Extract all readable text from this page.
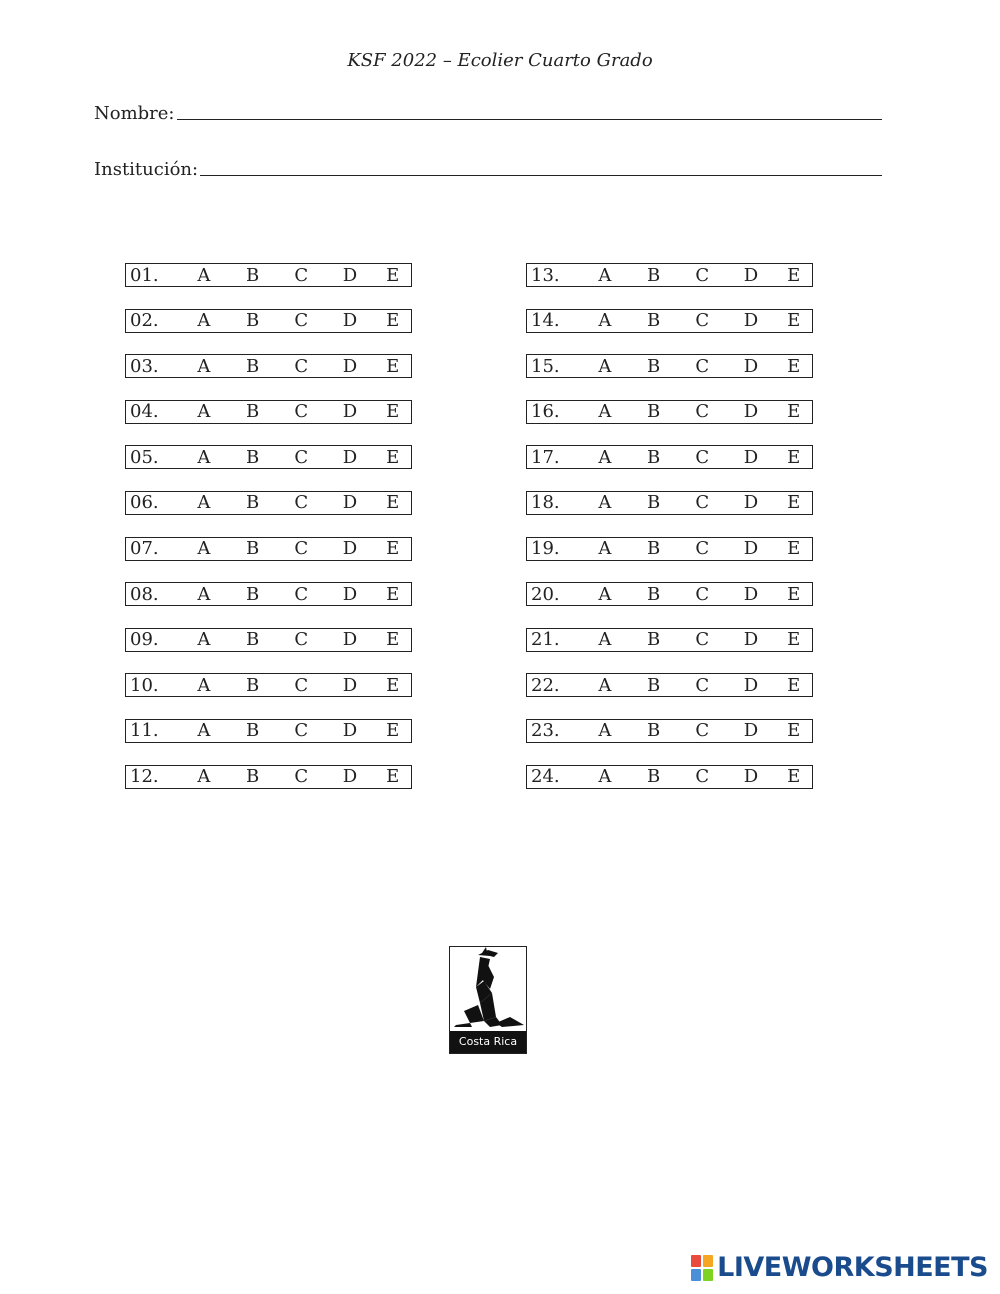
KSF 2022 – Ecolier Cuarto Grado
Nombre:
Institución:
01.	A	B	C	D	E
02.	A	B	C	D	E
03.	A	B	C	D	E
04.	A	B	C	D	E
05.	A	B	C	D	E
06.	A	B	C	D	E
07.	A	B	C	D	E
08.	A	B	C	D	E
09.	A	B	C	D	E
10.	A	B	C	D	E
11.	A	B	C	D	E
12.	A	B	C	D	E
13.	A	B	C	D	E
14.	A	B	C	D	E
15.	A	B	C	D	E
16.	A	B	C	D	E
17.	A	B	C	D	E
18.	A	B	C	D	E
19.	A	B	C	D	E
20.	A	B	C	D	E
21.	A	B	C	D	E
22.	A	B	C	D	E
23.	A	B	C	D	E
24.	A	B	C	D	E
Costa Rica
LIVEWORKSHEETS
